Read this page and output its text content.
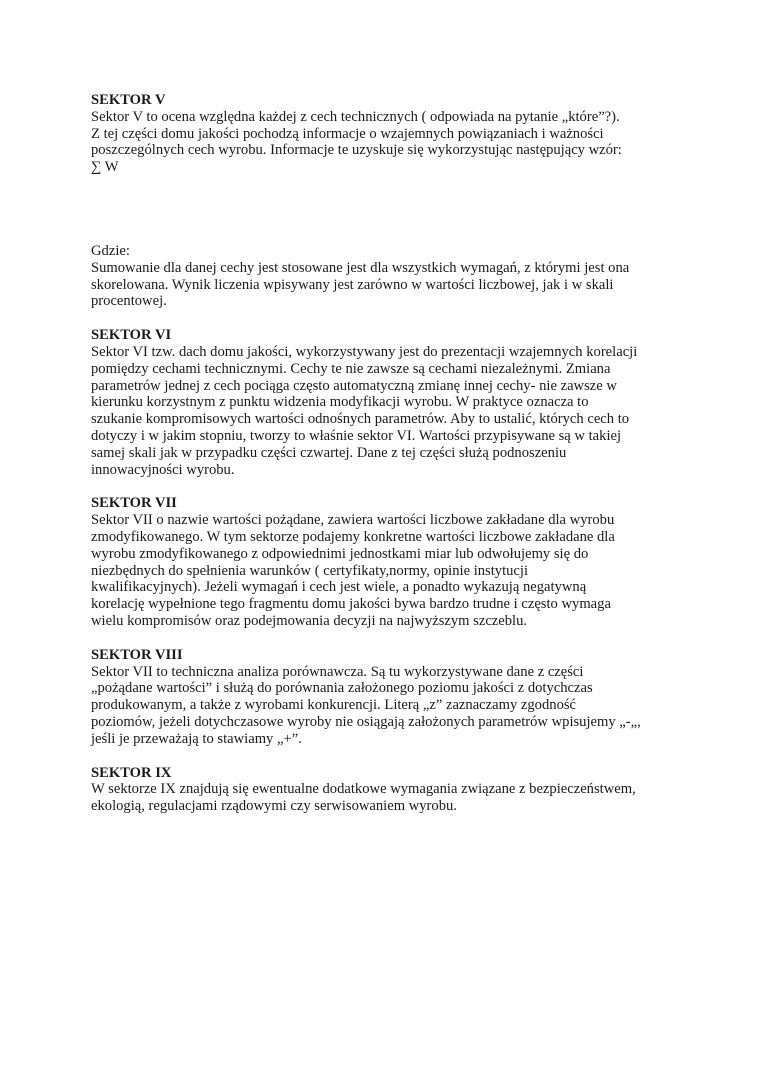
SEKTOR V
Sektor V to ocena względna każdej z cech technicznych ( odpowiada na pytanie „które”?).
Z tej części domu jakości pochodzą informacje o wzajemnych powiązaniach i ważności
poszczególnych cech wyrobu. Informacje te uzyskuje się wykorzystując następujący wzór:
∑ W
Gdzie:
Sumowanie dla danej cechy jest stosowane jest dla wszystkich wymagań, z którymi jest ona
skorelowana. Wynik liczenia wpisywany jest zarówno w wartości liczbowej, jak i w skali
procentowej.
SEKTOR VI
Sektor VI tzw. dach domu jakości, wykorzystywany jest do prezentacji wzajemnych korelacji
pomiędzy cechami technicznymi. Cechy te nie zawsze są cechami niezależnymi. Zmiana
parametrów jednej z cech pociąga często automatyczną zmianę innej cechy- nie zawsze w
kierunku korzystnym z punktu widzenia modyfikacji wyrobu. W praktyce oznacza to
szukanie kompromisowych wartości odnośnych parametrów. Aby to ustalić, których cech to
dotyczy i w jakim stopniu, tworzy to właśnie sektor VI. Wartości przypisywane są w takiej
samej skali jak w przypadku części czwartej. Dane z tej części służą podnoszeniu
innowacyjności wyrobu.
SEKTOR VII
Sektor VII o nazwie wartości pożądane, zawiera wartości liczbowe zakładane dla wyrobu
zmodyfikowanego. W tym sektorze podajemy konkretne wartości liczbowe zakładane dla
wyrobu zmodyfikowanego z odpowiednimi jednostkami miar lub odwołujemy się do
niezbędnych do spełnienia warunków ( certyfikaty,normy, opinie instytucji
kwalifikacyjnych). Jeżeli wymagań i cech jest wiele, a ponadto wykazują negatywną
korelację wypełnione tego fragmentu domu jakości bywa bardzo trudne i często wymaga
wielu kompromisów oraz podejmowania decyzji na najwyższym szczeblu.
SEKTOR VIII
Sektor VII to techniczna analiza porównawcza. Są tu wykorzystywane dane z części
„pożądane wartości” i służą do porównania założonego poziomu jakości z dotychczas
produkowanym, a także z wyrobami konkurencji. Literą „z” zaznaczamy zgodność
poziomów, jeżeli dotychczasowe wyroby nie osiągają założonych parametrów wpisujemy „-„,
jeśli je przeważają to stawiamy „+”.
SEKTOR IX
W sektorze IX znajdują się ewentualne dodatkowe wymagania związane z bezpieczeństwem,
ekologią, regulacjami rządowymi czy serwisowaniem wyrobu.
